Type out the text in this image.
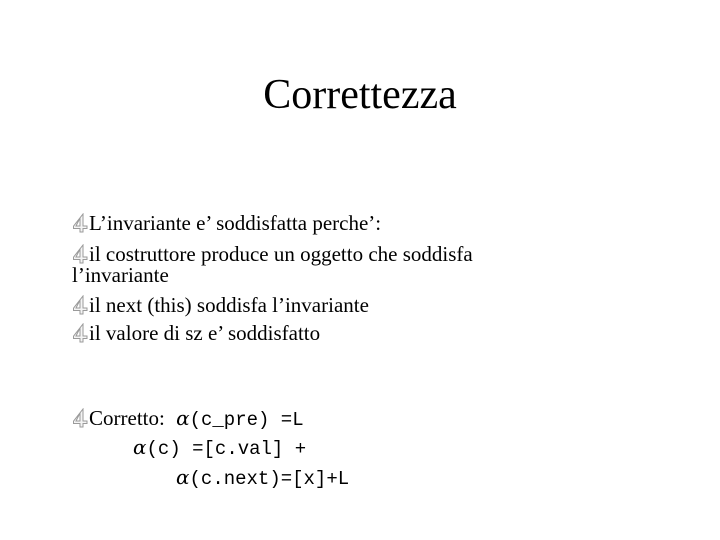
Correttezza
L’invariante e’ soddisfatta perche’:
il costruttore produce un oggetto che soddisfa
l’invariante
il next (this) soddisfa l’invariante
il valore di sz e’ soddisfatto
Corretto: α(c_pre) =L
α(c) =[c.val] +
α(c.next)=[x]+L
